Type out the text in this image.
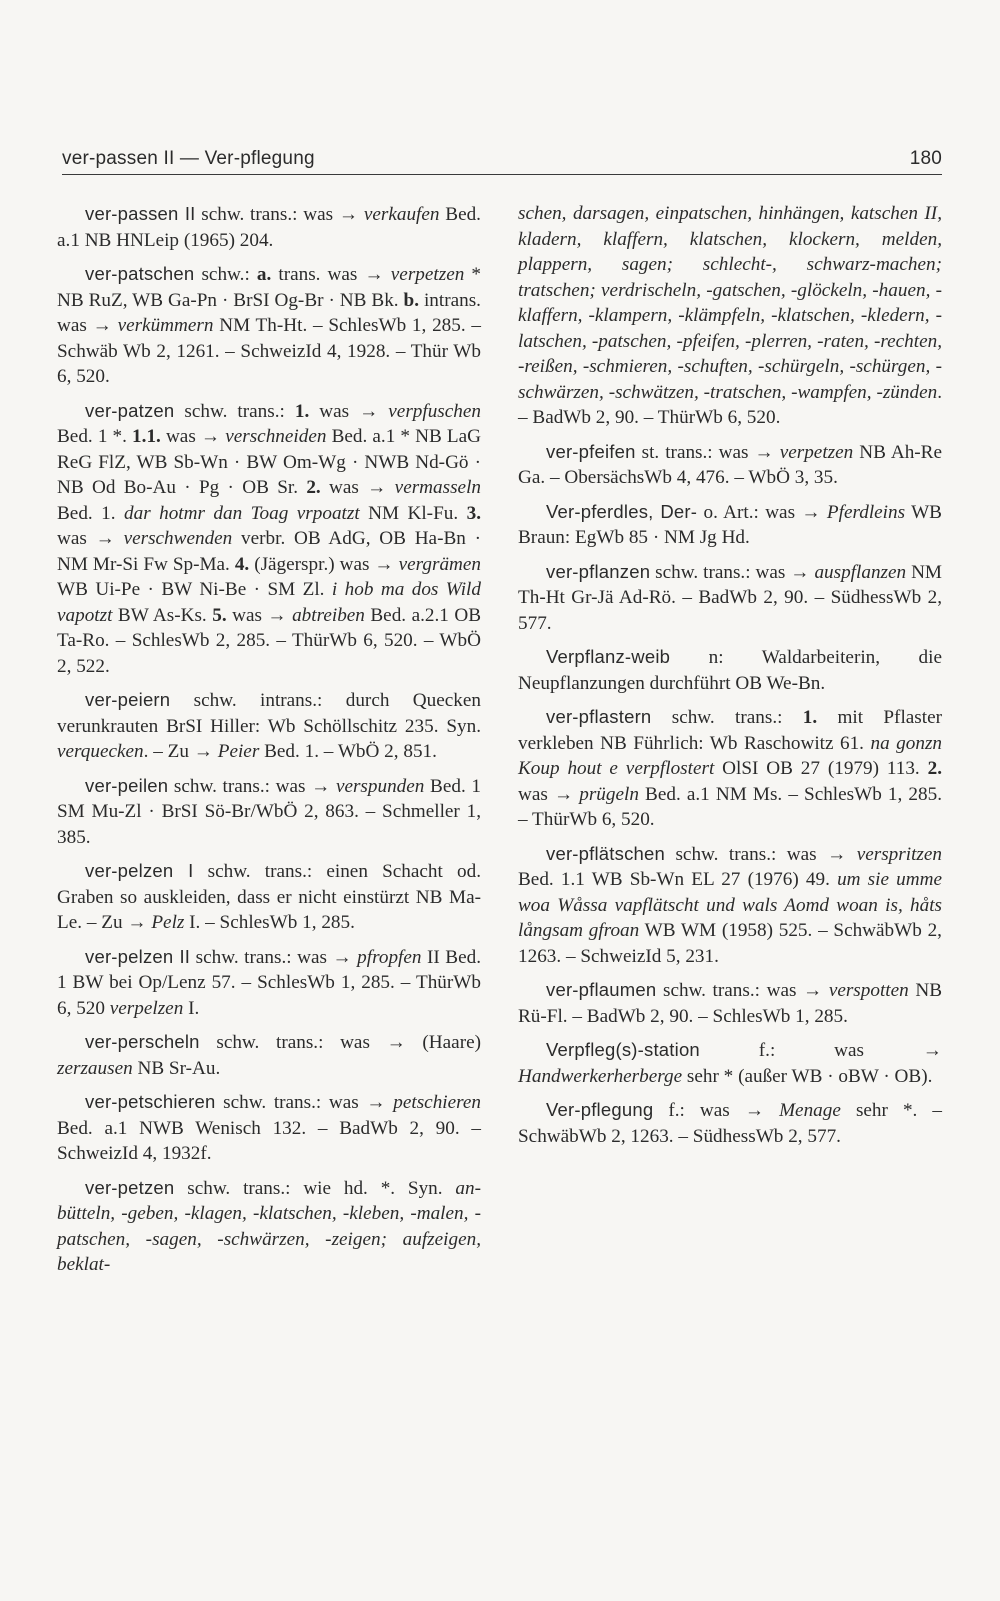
ver-passen II — Ver-pflegung	180

ver-passen II schw. trans.: was → verkaufen Bed. a.1 NB HNLeip (1965) 204.

ver-patschen schw.: a. trans. was → verpetzen * NB RuZ, WB Ga-Pn · BrSI Og-Br · NB Bk. b. intrans. was → verkümmern NM Th-Ht. – SchlesWb 1, 285. – Schwäb Wb 2, 1261. – SchweizId 4, 1928. – Thür Wb 6, 520.

ver-patzen schw. trans.: 1. was → verpfuschen Bed. 1 *. 1.1. was → verschneiden Bed. a.1 * NB LaG ReG FlZ, WB Sb-Wn · BW Om-Wg · NWB Nd-Gö · NB Od Bo-Au · Pg · OB Sr. 2. was → vermasseln Bed. 1. dar hotmr dan Toag vrpoatzt NM Kl-Fu. 3. was → verschwenden verbr. OB AdG, OB Ha-Bn · NM Mr-Si Fw Sp-Ma. 4. (Jägerspr.) was → vergrämen WB Ui-Pe · BW Ni-Be · SM Zl. i hob ma dos Wild vapotzt BW As-Ks. 5. was → abtreiben Bed. a.2.1 OB Ta-Ro. – SchlesWb 2, 285. – ThürWb 6, 520. – WbÖ 2, 522.

ver-peiern schw. intrans.: durch Quecken verunkrauten BrSI Hiller: Wb Schöllschitz 235. Syn. verquecken. – Zu → Peier Bed. 1. – WbÖ 2, 851.

ver-peilen schw. trans.: was → verspunden Bed. 1 SM Mu-Zl · BrSI Sö-Br/WbÖ 2, 863. – Schmeller 1, 385.

ver-pelzen I schw. trans.: einen Schacht od. Graben so auskleiden, dass er nicht einstürzt NB Ma-Le. – Zu → Pelz I. – SchlesWb 1, 285.

ver-pelzen II schw. trans.: was → pfropfen II Bed. 1 BW bei Op/Lenz 57. – SchlesWb 1, 285. – ThürWb 6, 520 verpelzen I.

ver-perscheln schw. trans.: was → (Haare) zerzausen NB Sr-Au.

ver-petschieren schw. trans.: was → petschieren Bed. a.1 NWB Wenisch 132. – BadWb 2, 90. – SchweizId 4, 1932f.

ver-petzen schw. trans.: wie hd. *. Syn. an-bütteln, -geben, -klagen, -klatschen, -kleben, -malen, -patschen, -sagen, -schwärzen, -zeigen; aufzeigen, beklat-

schen, darsagen, einpatschen, hinhängen, katschen II, kladern, klaffern, klatschen, klockern, melden, plappern, sagen; schlecht-, schwarz-machen; tratschen; verdrischeln, -gatschen, -glöckeln, -hauen, -klaffern, -klampern, -klämpfeln, -klatschen, -kledern, -latschen, -patschen, -pfeifen, -plerren, -raten, -rechten, -reißen, -schmieren, -schuften, -schürgeln, -schürgen, -schwärzen, -schwätzen, -tratschen, -wampfen, -zünden. – BadWb 2, 90. – ThürWb 6, 520.

ver-pfeifen st. trans.: was → verpetzen NB Ah-Re Ga. – ObersächsWb 4, 476. – WbÖ 3, 35.

Ver-pferdles, Der- o. Art.: was → Pferdleins WB Braun: EgWb 85 · NM Jg Hd.

ver-pflanzen schw. trans.: was → auspflanzen NM Th-Ht Gr-Jä Ad-Rö. – BadWb 2, 90. – SüdhessWb 2, 577.

Verpflanz-weib n: Waldarbeiterin, die Neupflanzungen durchführt OB We-Bn.

ver-pflastern schw. trans.: 1. mit Pflaster verkleben NB Führlich: Wb Raschowitz 61. na gonzn Koup hout e verpflostert OlSI OB 27 (1979) 113. 2. was → prügeln Bed. a.1 NM Ms. – SchlesWb 1, 285. – ThürWb 6, 520.

ver-pflätschen schw. trans.: was → verspritzen Bed. 1.1 WB Sb-Wn EL 27 (1976) 49. um sie umme woa Wåssa vapflätscht und wals Aomd woan is, håts långsam gfroan WB WM (1958) 525. – SchwäbWb 2, 1263. – SchweizId 5, 231.

ver-pflaumen schw. trans.: was → verspotten NB Rü-Fl. – BadWb 2, 90. – SchlesWb 1, 285.

Verpfleg(s)-station f.: was → Handwerkerherberge sehr * (außer WB · oBW · OB).

Ver-pflegung f.: was → Menage sehr *. – SchwäbWb 2, 1263. – SüdhessWb 2, 577.
